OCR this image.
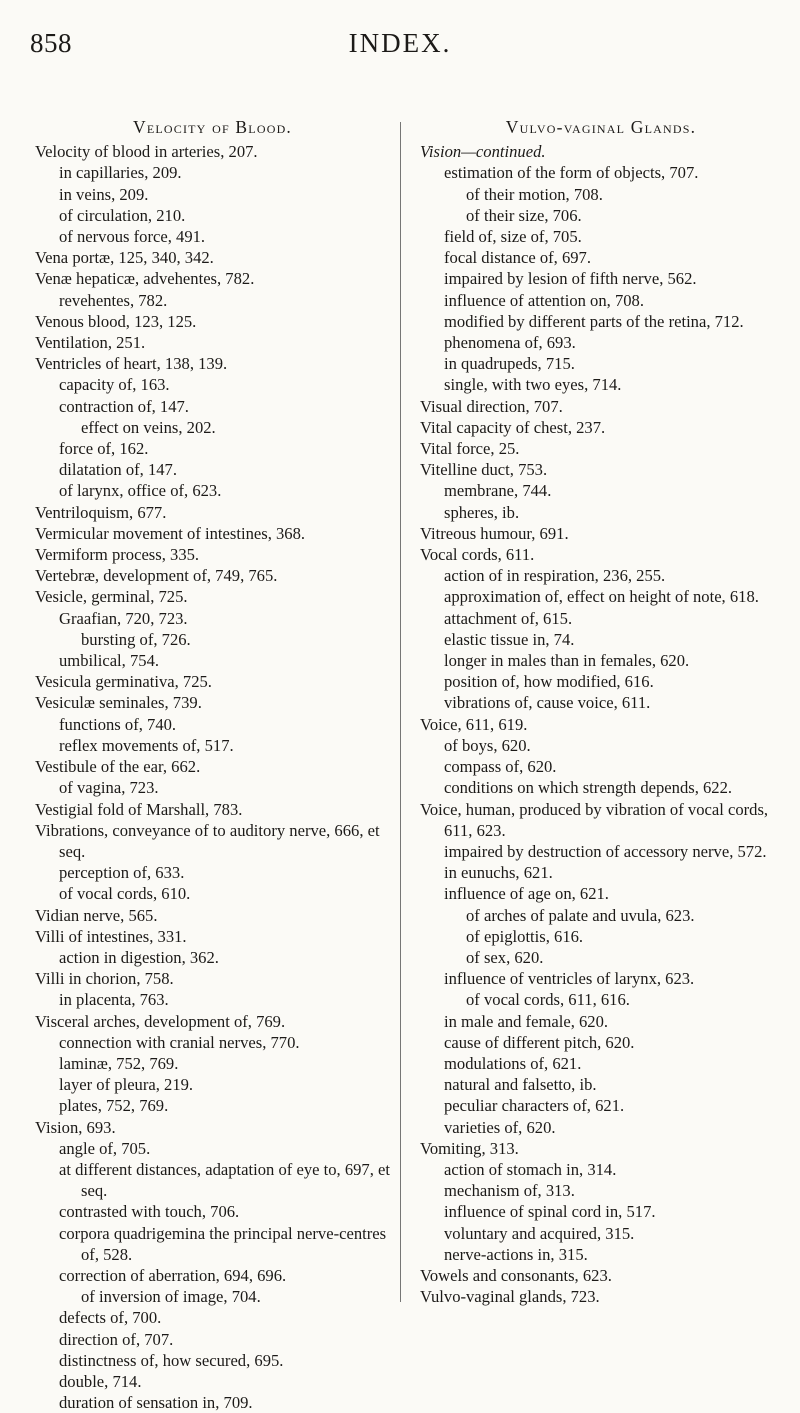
858	INDEX.
Velocity of Blood.
Velocity of blood in arteries, 207.
in capillaries, 209.
in veins, 209.
of circulation, 210.
of nervous force, 491.
Vena portæ, 125, 340, 342.
Venæ hepaticæ, advehentes, 782.
revehentes, 782.
Venous blood, 123, 125.
Ventilation, 251.
Ventricles of heart, 138, 139.
capacity of, 163.
contraction of, 147.
effect on veins, 202.
force of, 162.
dilatation of, 147.
of larynx, office of, 623.
Ventriloquism, 677.
Vermicular movement of intestines, 368.
Vermiform process, 335.
Vertebræ, development of, 749, 765.
Vesicle, germinal, 725.
Graafian, 720, 723.
bursting of, 726.
umbilical, 754.
Vesicula germinativa, 725.
Vesiculæ seminales, 739.
functions of, 740.
reflex movements of, 517.
Vestibule of the ear, 662.
of vagina, 723.
Vestigial fold of Marshall, 783.
Vibrations, conveyance of to auditory nerve, 666, et seq.
perception of, 633.
of vocal cords, 610.
Vidian nerve, 565.
Villi of intestines, 331.
action in digestion, 362.
Villi in chorion, 758.
in placenta, 763.
Visceral arches, development of, 769.
connection with cranial nerves, 770.
laminæ, 752, 769.
layer of pleura, 219.
plates, 752, 769.
Vision, 693.
angle of, 705.
at different distances, adaptation of eye to, 697, et seq.
contrasted with touch, 706.
corpora quadrigemina the principal nerve-centres of, 528.
correction of aberration, 694, 696.
of inversion of image, 704.
defects of, 700.
direction of, 707.
distinctness of, how secured, 695.
double, 714.
duration of sensation in, 709.
Vulvo-vaginal Glands.
Vision—continued.
estimation of the form of objects, 707.
of their motion, 708.
of their size, 706.
field of, size of, 705.
focal distance of, 697.
impaired by lesion of fifth nerve, 562.
influence of attention on, 708.
modified by different parts of the retina, 712.
phenomena of, 693.
in quadrupeds, 715.
single, with two eyes, 714.
Visual direction, 707.
Vital capacity of chest, 237.
Vital force, 25.
Vitelline duct, 753.
membrane, 744.
spheres, ib.
Vitreous humour, 691.
Vocal cords, 611.
action of in respiration, 236, 255.
approximation of, effect on height of note, 618.
attachment of, 615.
elastic tissue in, 74.
longer in males than in females, 620.
position of, how modified, 616.
vibrations of, cause voice, 611.
Voice, 611, 619.
of boys, 620.
compass of, 620.
conditions on which strength depends, 622.
Voice, human, produced by vibration of vocal cords, 611, 623.
impaired by destruction of accessory nerve, 572.
in eunuchs, 621.
influence of age on, 621.
of arches of palate and uvula, 623.
of epiglottis, 616.
of sex, 620.
influence of ventricles of larynx, 623.
of vocal cords, 611, 616.
in male and female, 620.
cause of different pitch, 620.
modulations of, 621.
natural and falsetto, ib.
peculiar characters of, 621.
varieties of, 620.
Vomiting, 313.
action of stomach in, 314.
mechanism of, 313.
influence of spinal cord in, 517.
voluntary and acquired, 315.
nerve-actions in, 315.
Vowels and consonants, 623.
Vulvo-vaginal glands, 723.
